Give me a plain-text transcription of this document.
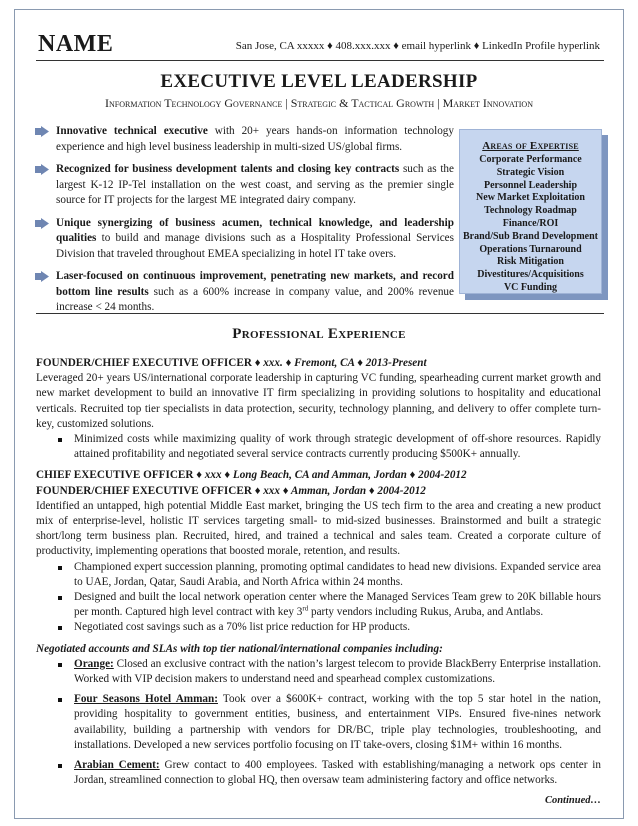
NAME	San Jose, CA xxxxx ♦ 408.xxx.xxx ♦ email hyperlink ♦ LinkedIn Profile hyperlink
EXECUTIVE LEVEL LEADERSHIP
Information Technology Governance | Strategic & Tactical Growth | Market Innovation
Innovative technical executive with 20+ years hands-on information technology experience and high level business leadership in multi-sized US/global firms.
Recognized for business development talents and closing key contracts such as the largest K-12 IP-Tel installation on the west coast, and serving as the premier single source for IT projects for the largest ME integrated dairy company.
Unique synergizing of business acumen, technical knowledge, and leadership qualities to build and manage divisions such as a Hospitality Professional Services Division that traveled throughout EMEA specializing in hotel IT take overs.
Laser-focused on continuous improvement, penetrating new markets, and record bottom line results such as a 600% increase in company value, and 200% revenue increase < 24 months.
Areas of Expertise
Corporate Performance
Strategic Vision
Personnel Leadership
New Market Exploitation
Technology Roadmap
Finance/ROI
Brand/Sub Brand Development
Operations Turnaround
Risk Mitigation
Divestitures/Acquisitions
VC Funding
Professional Experience
FOUNDER/CHIEF EXECUTIVE OFFICER ♦ xxx. ♦ Fremont, CA ♦ 2013-Present
Leveraged 20+ years US/international corporate leadership in capturing VC funding, spearheading current market growth and new market development to build an innovative IT firm specializing in providing solutions to hospitality and educational verticals. Recruited top tier specialists in data protection, security, technology planning, and delivery to offer complete turn-key, customized solutions.
Minimized costs while maximizing quality of work through strategic development of off-shore resources. Rapidly attained profitability and negotiated several service contracts currently producing $500K+ annually.
CHIEF EXECUTIVE OFFICER ♦ xxx ♦ Long Beach, CA and Amman, Jordan ♦ 2004-2012
FOUNDER/CHIEF EXECUTIVE OFFICER ♦ xxx ♦ Amman, Jordan ♦ 2004-2012
Identified an untapped, high potential Middle East market, bringing the US tech firm to the area and creating a new product mix of enterprise-level, holistic IT services targeting small- to mid-sized businesses. Brainstormed and built a strategic short/long term business plan. Recruited, hired, and trained a technical and sales team. Created a corporate culture of productivity, implementing operations that boosted morale, retention, and results.
Championed expert succession planning, promoting optimal candidates to head new divisions. Expanded service area to UAE, Jordan, Qatar, Saudi Arabia, and North Africa within 24 months.
Designed and built the local network operation center where the Managed Services Team grew to 20K billable hours per month. Captured high level contract with key 3rd party vendors including Rukus, Aruba, and Antlabs.
Negotiated cost savings such as a 70% list price reduction for HP products.
Negotiated accounts and SLAs with top tier national/international companies including:
Orange: Closed an exclusive contract with the nation’s largest telecom to provide BlackBerry Enterprise installation. Worked with VIP decision makers to understand need and spearhead complex customizations.
Four Seasons Hotel Amman: Took over a $600K+ contract, working with the top 5 star hotel in the nation, providing hospitality to government entities, business, and entertainment VIPs. Ensured five-nines network availability, building a partnership with vendors for DR/BC, triple play technologies, troubleshooting, and installations. Developed a new services portfolio focusing on IT take-overs, closing $1M+ within 16 months.
Arabian Cement: Grew contact to 400 employees. Tasked with establishing/managing a network ops center in Jordan, streamlined connection to global HQ, then oversaw team administering factory and office networks.
Continued…
